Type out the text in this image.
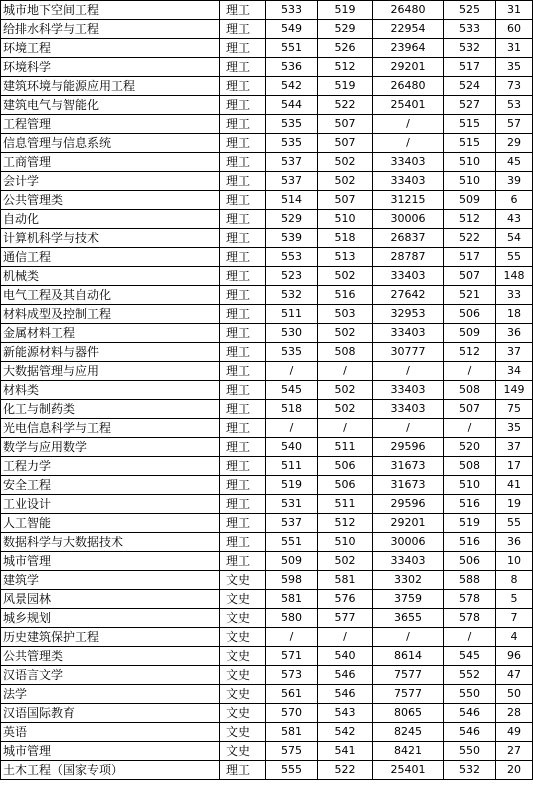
城市地下空间工程	理工	533	519	26480	525	31
给排水科学与工程	理工	549	529	22954	533	60
环境工程	理工	551	526	23964	532	31
环境科学	理工	536	512	29201	517	35
建筑环境与能源应用工程	理工	542	519	26480	524	73
建筑电气与智能化	理工	544	522	25401	527	53
工程管理	理工	535	507	/	515	57
信息管理与信息系统	理工	535	507	/	515	29
工商管理	理工	537	502	33403	510	45
会计学	理工	537	502	33403	510	39
公共管理类	理工	514	507	31215	509	6
自动化	理工	529	510	30006	512	43
计算机科学与技术	理工	539	518	26837	522	54
通信工程	理工	553	513	28787	517	55
机械类	理工	523	502	33403	507	148
电气工程及其自动化	理工	532	516	27642	521	33
材料成型及控制工程	理工	511	503	32953	506	18
金属材料工程	理工	530	502	33403	509	36
新能源材料与器件	理工	535	508	30777	512	37
大数据管理与应用	理工	/	/	/	/	34
材料类	理工	545	502	33403	508	149
化工与制药类	理工	518	502	33403	507	75
光电信息科学与工程	理工	/	/	/	/	35
数学与应用数学	理工	540	511	29596	520	37
工程力学	理工	511	506	31673	508	17
安全工程	理工	519	506	31673	510	41
工业设计	理工	531	511	29596	516	19
人工智能	理工	537	512	29201	519	55
数据科学与大数据技术	理工	551	510	30006	516	36
城市管理	理工	509	502	33403	506	10
建筑学	文史	598	581	3302	588	8
风景园林	文史	581	576	3759	578	5
城乡规划	文史	580	577	3655	578	7
历史建筑保护工程	文史	/	/	/	/	4
公共管理类	文史	571	540	8614	545	96
汉语言文学	文史	573	546	7577	552	47
法学	文史	561	546	7577	550	50
汉语国际教育	文史	570	543	8065	546	28
英语	文史	581	542	8245	546	49
城市管理	文史	575	541	8421	550	27
土木工程（国家专项）	理工	555	522	25401	532	20
